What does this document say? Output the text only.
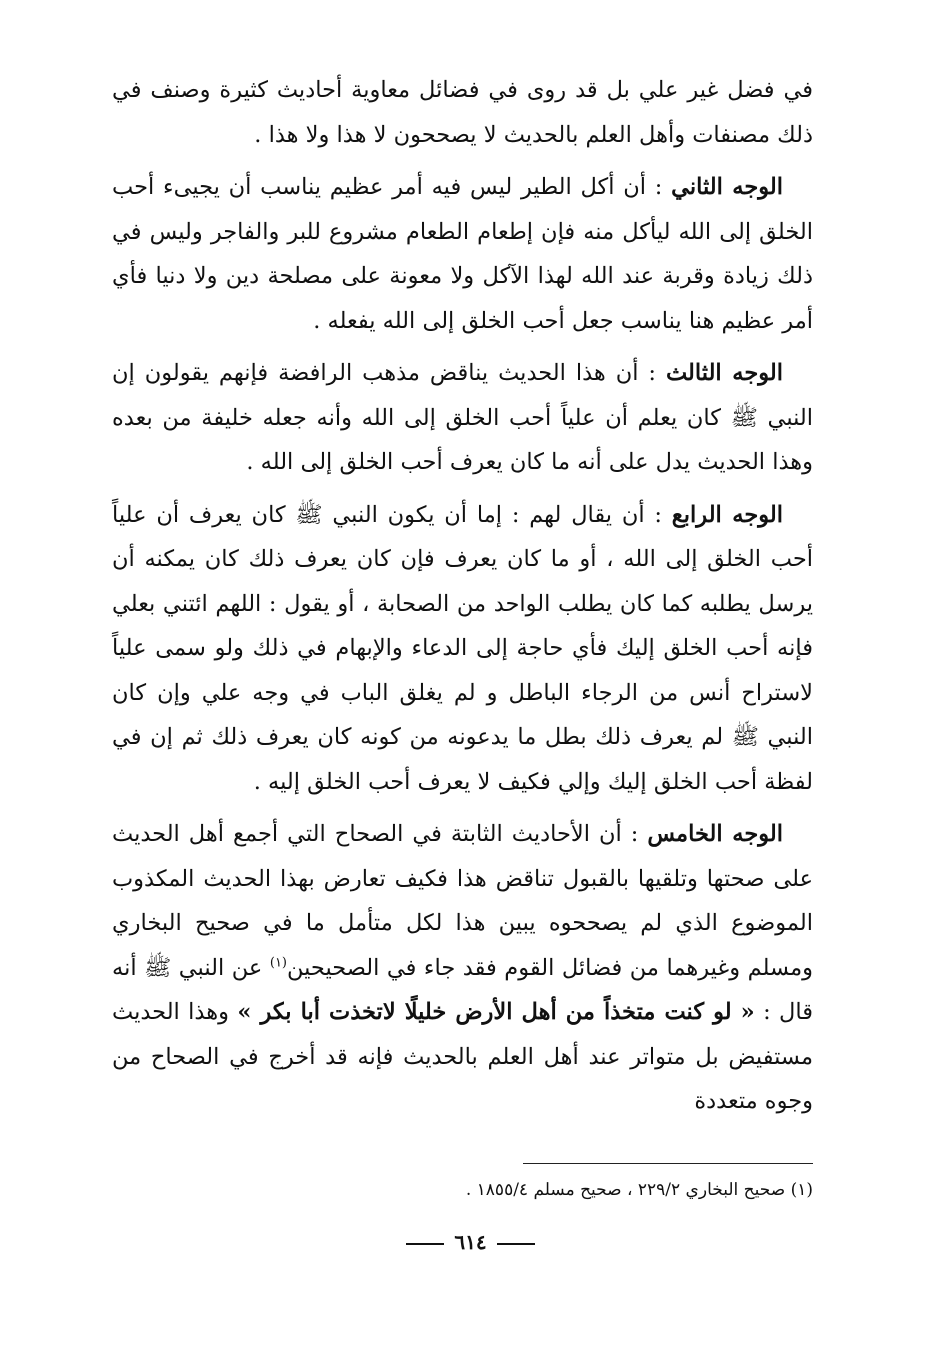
في فضل غير علي بل قد روى في فضائل معاوية أحاديث كثيرة وصنف في ذلك مصنفات وأهل العلم بالحديث لا يصححون لا هذا ولا هذا .

الوجه الثاني : أن أكل الطير ليس فيه أمر عظيم يناسب أن يجيىء أحب الخلق إلى الله ليأكل منه فإن إطعام الطعام مشروع للبر والفاجر وليس في ذلك زيادة وقربة عند الله لهذا الآكل ولا معونة على مصلحة دين ولا دنيا فأي أمر عظيم هنا يناسب جعل أحب الخلق إلى الله يفعله .

الوجه الثالث : أن هذا الحديث يناقض مذهب الرافضة فإنهم يقولون إن النبي ﷺ كان يعلم أن علياً أحب الخلق إلى الله وأنه جعله خليفة من بعده وهذا الحديث يدل على أنه ما كان يعرف أحب الخلق إلى الله .

الوجه الرابع : أن يقال لهم : إما أن يكون النبي ﷺ كان يعرف أن علياً أحب الخلق إلى الله ، أو ما كان يعرف فإن كان يعرف ذلك كان يمكنه أن يرسل يطلبه كما كان يطلب الواحد من الصحابة ، أو يقول : اللهم ائتني بعلي فإنه أحب الخلق إليك فأي حاجة إلى الدعاء والإبهام في ذلك ولو سمى علياً لاستراح أنس من الرجاء الباطل و لم يغلق الباب في وجه علي وإن كان النبي ﷺ لم يعرف ذلك بطل ما يدعونه من كونه كان يعرف ذلك ثم إن في لفظة أحب الخلق إليك وإلي فكيف لا يعرف أحب الخلق إليه .

الوجه الخامس : أن الأحاديث الثابتة في الصحاح التي أجمع أهل الحديث على صحتها وتلقيها بالقبول تناقض هذا فكيف تعارض بهذا الحديث المكذوب الموضوع الذي لم يصححوه يبين هذا لكل متأمل ما في صحيح البخاري ومسلم وغيرهما من فضائل القوم فقد جاء في الصحيحين$^{(١)}$ عن النبي ﷺ أنه قال : « لو كنت متخذاً من أهل الأرض خليلًا لاتخذت أبا بكر » وهذا الحديث مستفيض بل متواتر عند أهل العلم بالحديث فإنه قد أخرج في الصحاح من وجوه متعددة

(١) صحيح البخاري ٢٢٩/٢ ، صحيح مسلم ١٨٥٥/٤ .
٦١٤
